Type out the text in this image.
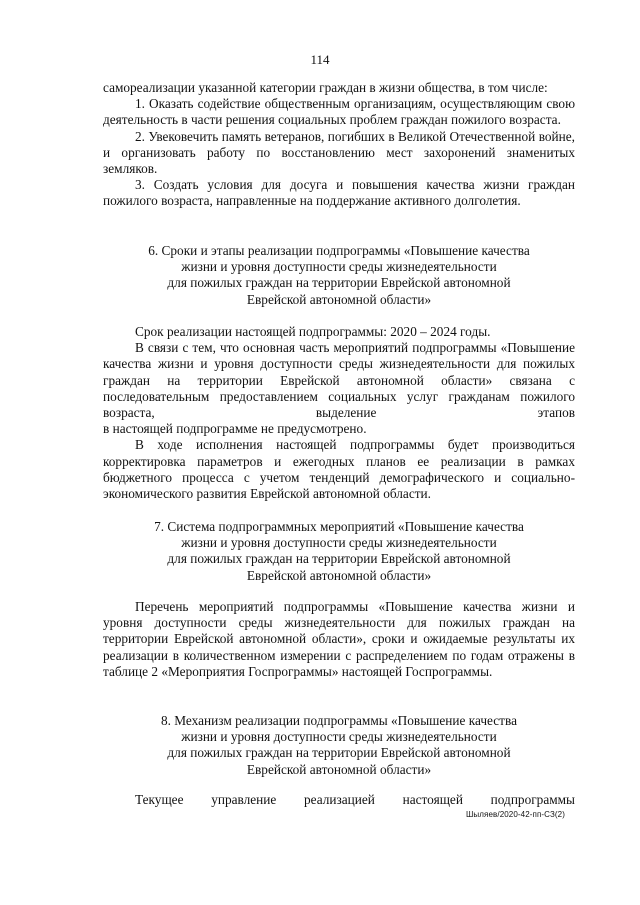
114

самореализации указанной категории граждан в жизни общества, в том числе:

1. Оказать содействие общественным организациям, осуществляющим свою деятельность в части решения социальных проблем граждан пожилого возраста.

2. Увековечить память ветеранов, погибших в Великой Отечественной войне, и организовать работу по восстановлению мест захоронений знаменитых земляков.

3. Создать условия для досуга и повышения качества жизни граждан пожилого возраста, направленные на поддержание активного долголетия.

6. Сроки и этапы реализации подпрограммы «Повышение качества
жизни и уровня доступности среды жизнедеятельности
для пожилых граждан на территории Еврейской автономной
Еврейской автономной области»

Срок реализации настоящей подпрограммы: 2020 – 2024 годы.

В связи с тем, что основная часть мероприятий подпрограммы «Повышение качества жизни и уровня доступности среды жизнедеятельности для пожилых граждан на территории Еврейской автономной области» связана с последовательным предоставлением социальных услуг гражданам пожилого возраста, выделение этапов

в настоящей подпрограмме не предусмотрено.

В ходе исполнения настоящей подпрограммы будет производиться корректировка параметров и ежегодных планов ее реализации в рамках бюджетного процесса с учетом тенденций демографического и социально-экономического развития Еврейской автономной области.

7. Система подпрограммных мероприятий «Повышение качества
жизни и уровня доступности среды жизнедеятельности
для пожилых граждан на территории Еврейской автономной
Еврейской автономной области»

Перечень мероприятий подпрограммы «Повышение качества жизни и уровня доступности среды жизнедеятельности для пожилых граждан на территории Еврейской автономной области», сроки и ожидаемые результаты их реализации в количественном измерении с распределением по годам отражены в таблице 2 «Мероприятия Госпрограммы» настоящей Госпрограммы.

8. Механизм реализации подпрограммы «Повышение качества
жизни и уровня доступности среды жизнедеятельности
для пожилых граждан на территории Еврейской автономной
Еврейской автономной области»

Текущее управление реализацией настоящей подпрограммы

Шыляев/2020-42-пп-СЗ(2)
